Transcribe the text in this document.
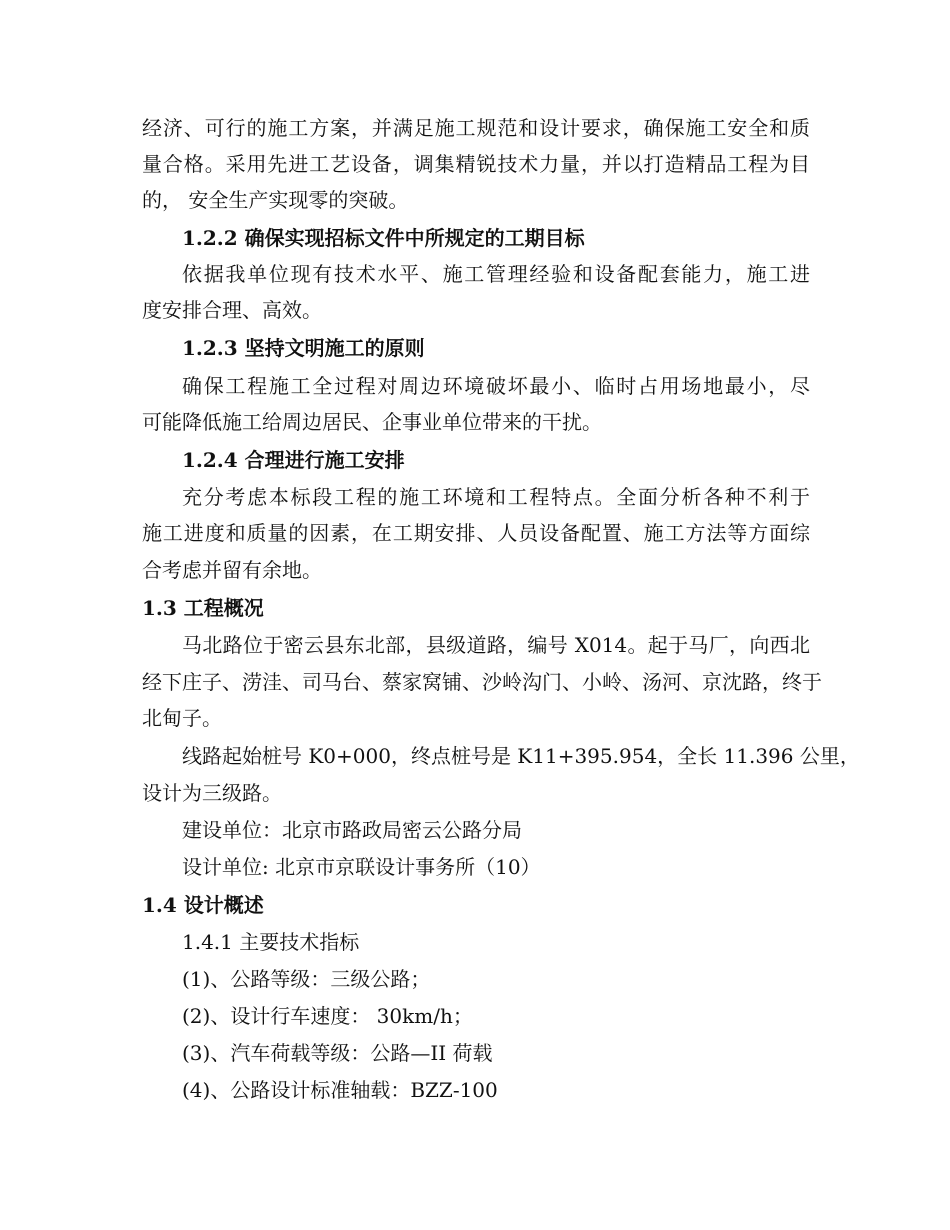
经济、可行的施工方案，并满足施工规范和设计要求，确保施工安全和质
量合格。采用先进工艺设备，调集精锐技术力量，并以打造精品工程为目
的， 安全生产实现零的突破。
1.2.2 确保实现招标文件中所规定的工期目标
依据我单位现有技术水平、施工管理经验和设备配套能力，施工进
度安排合理、高效。
1.2.3 坚持文明施工的原则
确保工程施工全过程对周边环境破坏最小、临时占用场地最小，尽
可能降低施工给周边居民、企事业单位带来的干扰。
1.2.4 合理进行施工安排
充分考虑本标段工程的施工环境和工程特点。全面分析各种不利于
施工进度和质量的因素，在工期安排、人员设备配置、施工方法等方面综
合考虑并留有余地。
1.3 工程概况
马北路位于密云县东北部，县级道路，编号 X014。起于马厂，向西北
经下庄子、涝洼、司马台、蔡家窝铺、沙岭沟门、小岭、汤河、京沈路，终于
北甸子。
线路起始桩号 K0+000，终点桩号是 K11+395.954，全长 11.396 公里，
设计为三级路。
建设单位：北京市路政局密云公路分局
设计单位: 北京市京联设计事务所（10）
1.4 设计概述
1.4.1 主要技术指标
(1)、公路等级：三级公路；
(2)、设计行车速度： 30km/h；
(3)、汽车荷载等级：公路—II 荷载
(4)、公路设计标准轴载：BZZ-100
